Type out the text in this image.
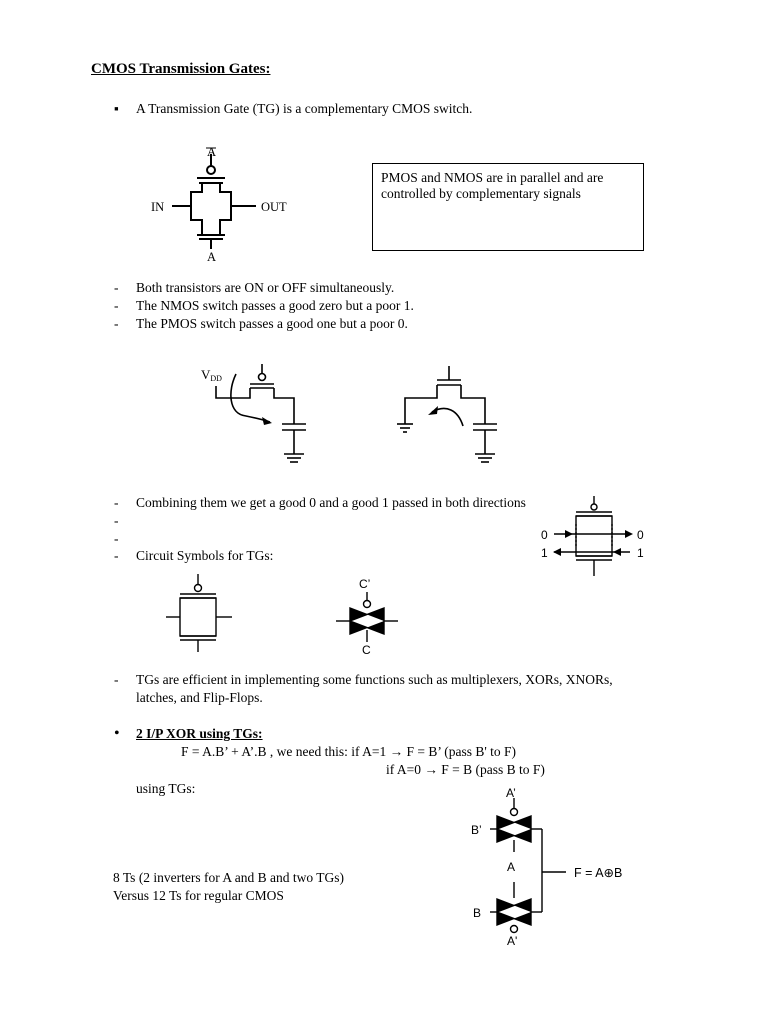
CMOS Transmission Gates:
▪ A Transmission Gate (TG) is a complementary CMOS switch.
A
IN	OUT
A
PMOS and NMOS are in parallel and are controlled by complementary signals
- Both transistors are ON or OFF simultaneously.
- The NMOS switch passes a good zero but a poor 1.
- The PMOS switch passes a good one but a poor 0.
VDD
- Combining them we get a good 0 and a good 1 passed in both directions
-
-
- Circuit Symbols for TGs:
0	0
1	1
C’
C
- TGs are efficient in implementing some functions such as multiplexers, XORs, XNORs,
latches, and Flip-Flops.
• 2 I/P XOR using TGs:
F = A.B’ + A’.B , we need this: if A=1 → F = B’ (pass B' to F)
if A=0 → F = B (pass B to F)
using TGs:
8 Ts (2 inverters for A and B and two TGs)
Versus 12 Ts for regular CMOS
A’
B’
A
B
A'
F = A⊕B
